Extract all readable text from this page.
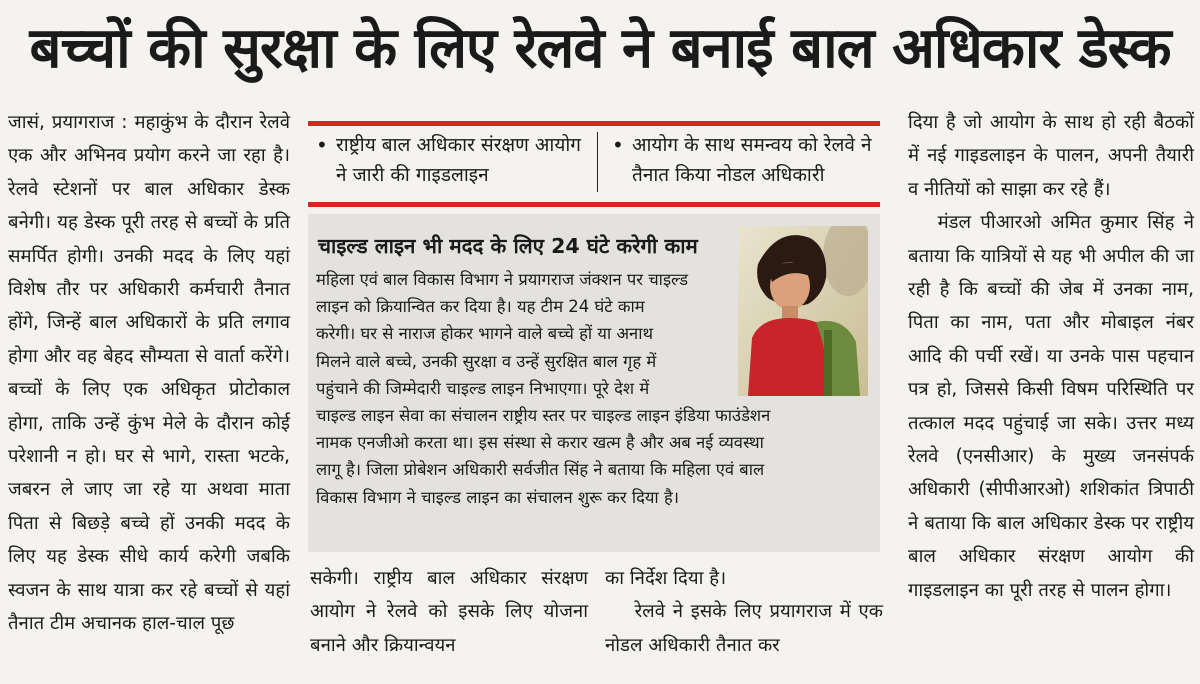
बच्चों की सुरक्षा के लिए रेलवे ने बनाई बाल अधिकार डेस्क

जासं, प्रयागराज : महाकुंभ के दौरान रेलवे एक और अभिनव प्रयोग करने जा रहा है। रेलवे स्टेशनों पर बाल अधिकार डेस्क बनेगी। यह डेस्क पूरी तरह से बच्चों के प्रति समर्पित होगी। उनकी मदद के लिए यहां विशेष तौर पर अधिकारी कर्मचारी तैनात होंगे, जिन्हें बाल अधिकारों के प्रति लगाव होगा और वह बेहद सौम्यता से वार्ता करेंगे। बच्चों के लिए एक अधिकृत प्रोटोकाल होगा, ताकि उन्हें कुंभ मेले के दौरान कोई परेशानी न हो। घर से भागे, रास्ता भटके, जबरन ले जाए जा रहे या अथवा माता पिता से बिछड़े बच्चे हों उनकी मदद के लिए यह डेस्क सीधे कार्य करेगी जबकि स्वजन के साथ यात्रा कर रहे बच्चों से यहां तैनात टीम अचानक हाल-चाल पूछ

• राष्ट्रीय बाल अधिकार संरक्षण आयोग ने जारी की गाइडलाइन
• आयोग के साथ समन्वय को रेलवे ने तैनात किया नोडल अधिकारी
चाइल्ड लाइन भी मदद के लिए 24 घंटे करेगी काम
महिला एवं बाल विकास विभाग ने प्रयागराज जंक्शन पर चाइल्ड
लाइन को क्रियान्वित कर दिया है। यह टीम 24 घंटे काम
करेगी। घर से नाराज होकर भागने वाले बच्चे हों या अनाथ
मिलने वाले बच्चे, उनकी सुरक्षा व उन्हें सुरक्षित बाल गृह में
पहुंचाने की जिम्मेदारी चाइल्ड लाइन निभाएगा। पूरे देश में
चाइल्ड लाइन सेवा का संचालन राष्ट्रीय स्तर पर चाइल्ड लाइन इंडिया फाउंडेशन
नामक एनजीओ करता था। इस संस्था से करार खत्म है और अब नई व्यवस्था
लागू है। जिला प्रोबेशन अधिकारी सर्वजीत सिंह ने बताया कि महिला एवं बाल
विकास विभाग ने चाइल्ड लाइन का संचालन शुरू कर दिया है।

सकेगी। राष्ट्रीय बाल अधिकार संरक्षण आयोग ने रेलवे को इसके लिए योजना बनाने और क्रियान्वयन

का निर्देश दिया है।

रेलवे ने इसके लिए प्रयागराज में एक नोडल अधिकारी तैनात कर

दिया है जो आयोग के साथ हो रही बैठकों में नई गाइडलाइन के पालन, अपनी तैयारी व नीतियों को साझा कर रहे हैं।

मंडल पीआरओ अमित कुमार सिंह ने बताया कि यात्रियों से यह भी अपील की जा रही है कि बच्चों की जेब में उनका नाम, पिता का नाम, पता और मोबाइल नंबर आदि की पर्ची रखें। या उनके पास पहचान पत्र हो, जिससे किसी विषम परिस्थिति पर तत्काल मदद पहुंचाई जा सके। उत्तर मध्य रेलवे (एनसीआर) के मुख्य जनसंपर्क अधिकारी (सीपीआरओ) शशिकांत त्रिपाठी ने बताया कि बाल अधिकार डेस्क पर राष्ट्रीय बाल अधिकार संरक्षण आयोग की गाइडलाइन का पूरी तरह से पालन होगा।
